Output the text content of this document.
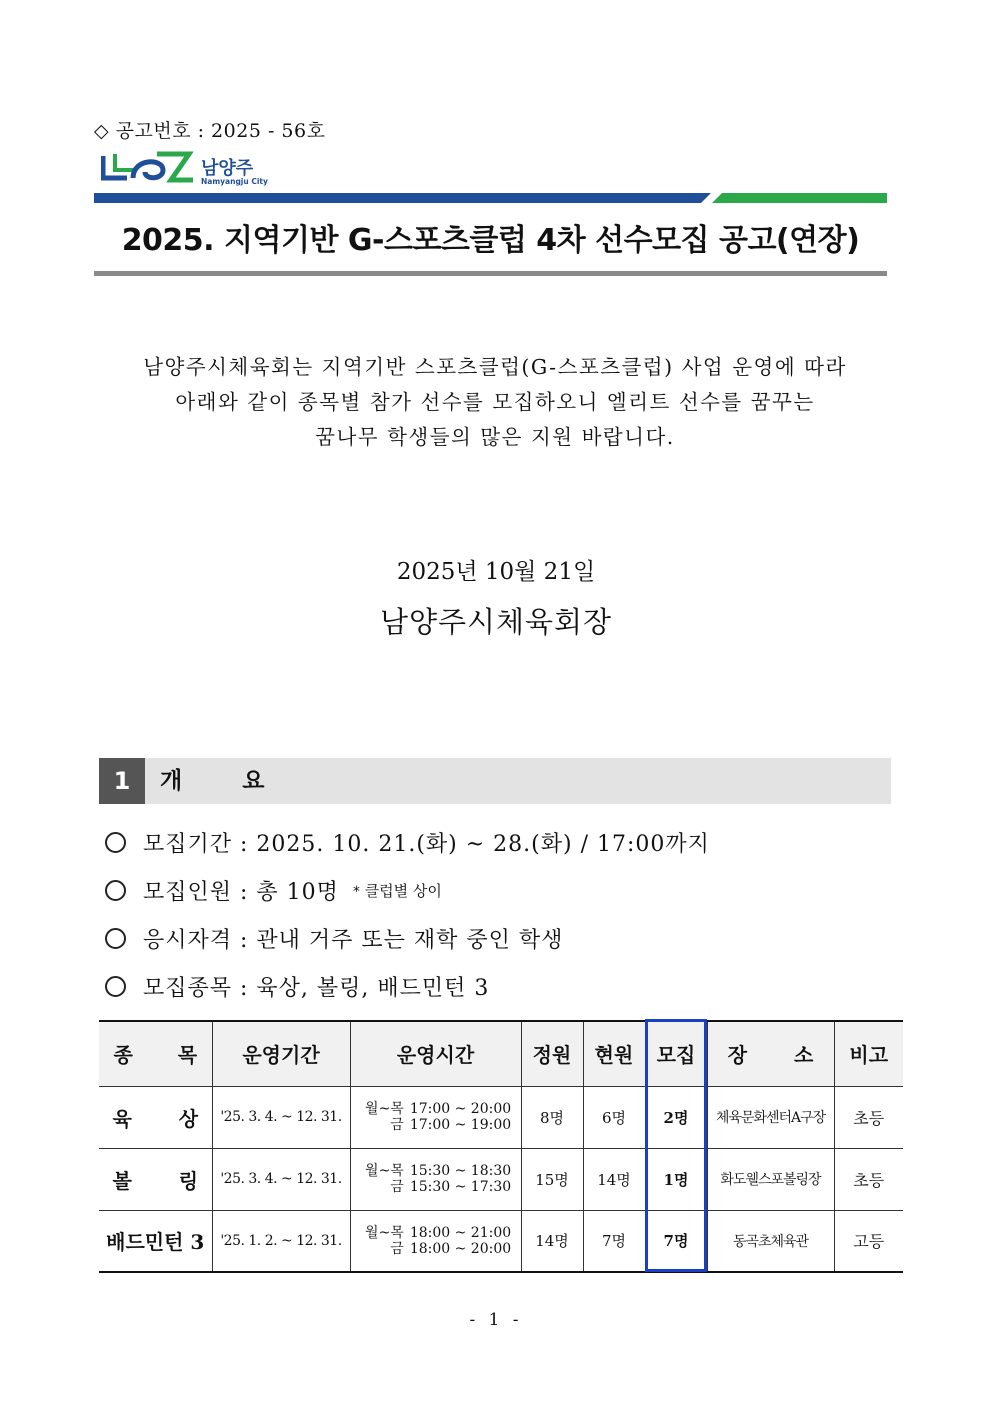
◇ 공고번호 : 2025 - 56호
남양주
Namyangju City
2025. 지역기반 G-스포츠클럽 4차 선수모집 공고(연장)
남양주시체육회는 지역기반 스포츠클럽(G-스포츠클럽) 사업 운영에 따라
아래와 같이 종목별 참가 선수를 모집하오니 엘리트 선수를 꿈꾸는
꿈나무 학생들의 많은 지원 바랍니다.
2025년 10월 21일
남양주시체육회장
1	개 요
모집기간 : 2025. 10. 21.(화) ~ 28.(화) / 17:00까지
모집인원 : 총 10명 * 클럽별 상이
응시자격 : 관내 거주 또는 재학 중인 학생
모집종목 : 육상, 볼링, 배드민턴 3
종 목	운영기간	운영시간	정원	현원	모집	장 소	비고
육 상	'25. 3. 4. ~ 12. 31.	월~목 17:00 ~ 20:00
금 17:00 ~ 19:00	8명	6명	2명	체육문화센터A구장	초등
볼 링	'25. 3. 4. ~ 12. 31.	월~목 15:30 ~ 18:30
금 15:30 ~ 17:30	15명	14명	1명	화도웰스포볼링장	초등
배드민턴 3	'25. 1. 2. ~ 12. 31.	월~목 18:00 ~ 21:00
금 18:00 ~ 20:00	14명	7명	7명	동곡초체육관	고등
- 1 -
